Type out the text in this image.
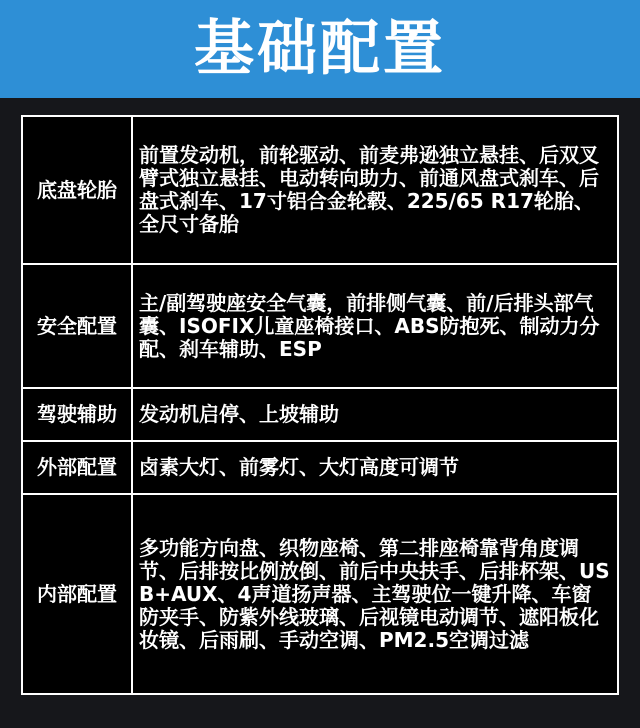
基础配置
底盘轮胎	前置发动机，前轮驱动、前麦弗逊独立悬挂、后双叉臂式独立悬挂、电动转向助力、前通风盘式刹车、后盘式刹车、17寸铝合金轮毂、225/65 R17轮胎、全尺寸备胎
安全配置	主/副驾驶座安全气囊，前排侧气囊、前/后排头部气囊、ISOFIX儿童座椅接口、ABS防抱死、制动力分配、刹车辅助、ESP
驾驶辅助	发动机启停、上坡辅助
外部配置	卤素大灯、前雾灯、大灯高度可调节
内部配置	多功能方向盘、织物座椅、第二排座椅靠背角度调节、后排按比例放倒、前后中央扶手、后排杯架、USB+AUX、4声道扬声器、主驾驶位一键升降、车窗防夹手、防紫外线玻璃、后视镜电动调节、遮阳板化妆镜、后雨刷、手动空调、PM2.5空调过滤
